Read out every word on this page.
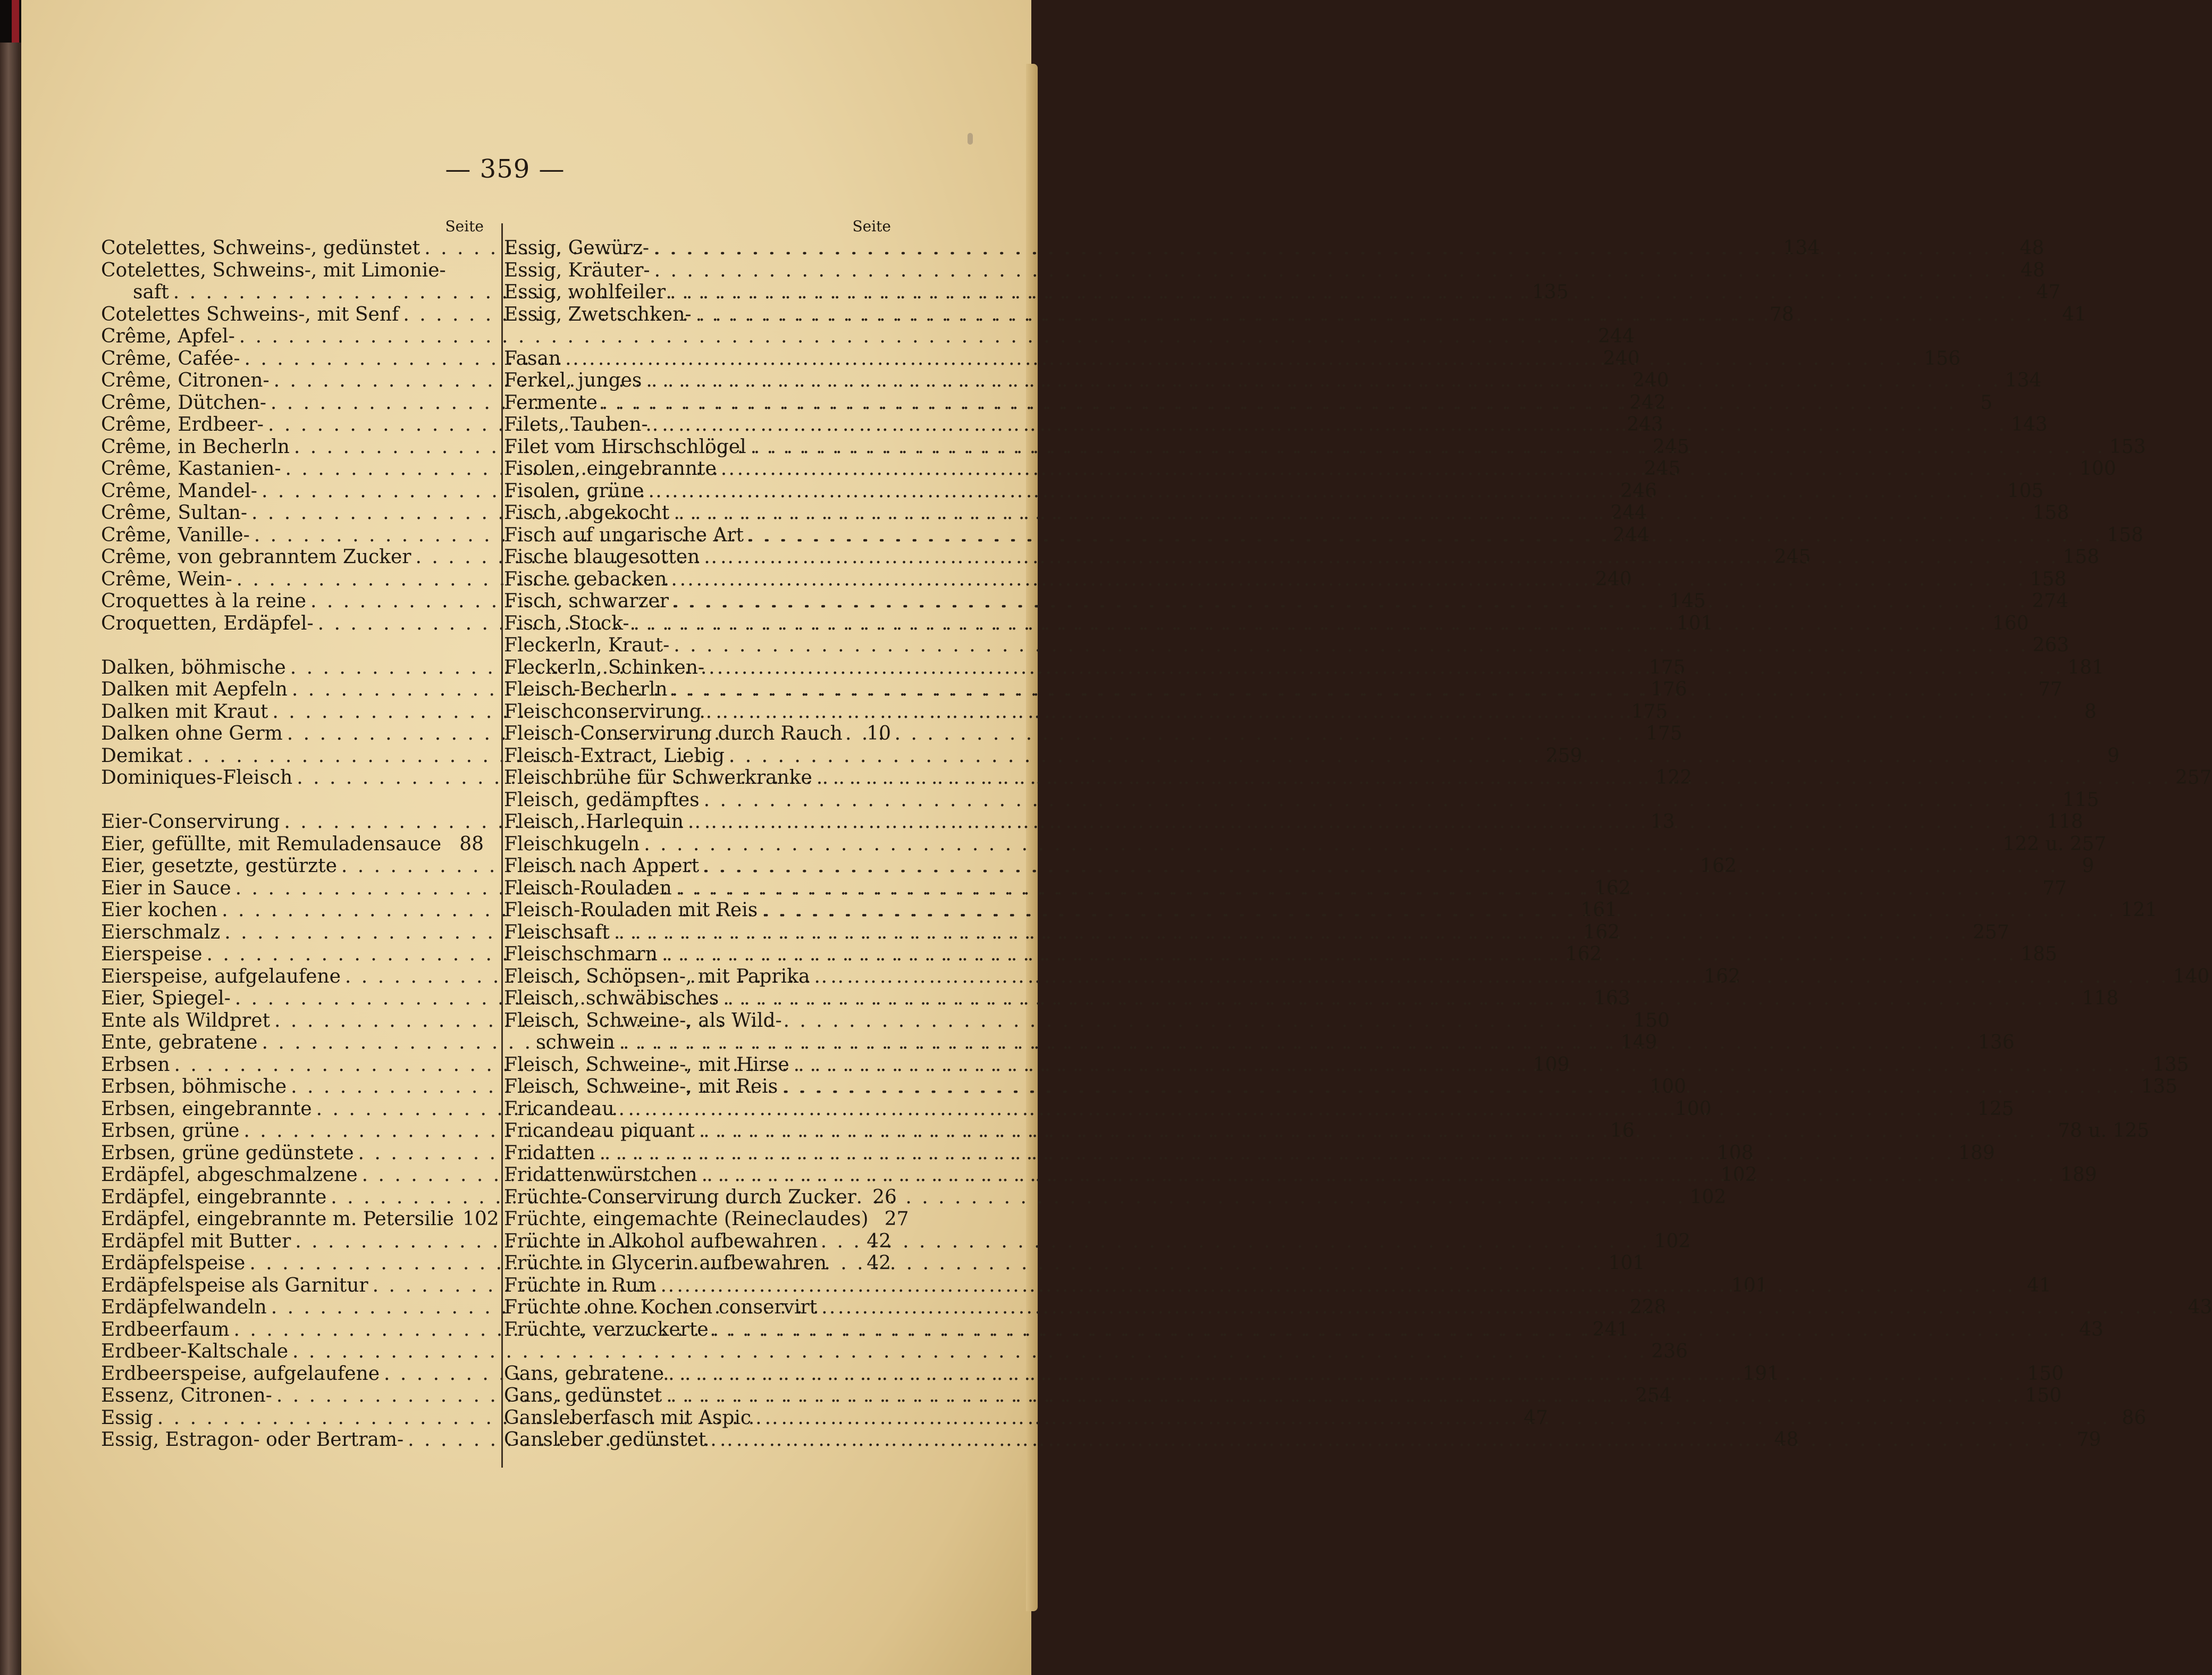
— 359 —
Seite
Cotelettes, Schweins-, gedünstet . . .	134
Cotelettes, Schweins-, mit Limonie-
saft . . .	135
Cotelettes Schweins-, mit Senf . . .	78
Crême, Apfel- . . .	244
Crême, Cafée- . . .	240
Crême, Citronen- . . .	240
Crême, Dütchen- . . .	242
Crême, Erdbeer- . . .	243
Crême, in Becherln . . .	245
Crême, Kastanien- . . .	245
Crême, Mandel- . . .	246
Crême, Sultan- . . .	244
Crême, Vanille- . . .	244
Crême, von gebranntem Zucker . . .	245
Crême, Wein- . . .	240
Croquettes à la reine . . .	145
Croquetten, Erdäpfel- . . .	101
Dalken, böhmische . . .	175
Dalken mit Aepfeln . . .	176
Dalken mit Kraut . . .	175
Dalken ohne Germ . . .	175
Demikat . . .	259
Dominiques-Fleisch . . .	122
Eier-Conservirung . . .	13
Eier, gefüllte, mit Remuladensauce 88
Eier, gesetzte, gestürzte . . .	162
Eier in Sauce . . .	162
Eier kochen . . .	161
Eierschmalz . . .	162
Eierspeise . . .	162
Eierspeise, aufgelaufene . . .	162
Eier, Spiegel- . . .	163
Ente als Wildpret . . .	150
Ente, gebratene . . .	149
Erbsen . . .	109
Erbsen, böhmische . . .	100
Erbsen, eingebrannte . . .	100
Erbsen, grüne . . .	16
Erbsen, grüne gedünstete . . .	108
Erdäpfel, abgeschmalzene . . .	102
Erdäpfel, eingebrannte . . .	102
Erdäpfel, eingebrannte m. Petersilie 102
Erdäpfel mit Butter . . .	102
Erdäpfelspeise . . .	101
Erdäpfelspeise als Garnitur . . .	101
Erdäpfelwandeln . . .	228
Erdbeerfaum . . .	241
Erdbeer-Kaltschale . . .	236
Erdbeerspeise, aufgelaufene . . .	191
Essenz, Citronen- . . .	254
Essig . . .	47
Essig, Estragon- oder Bertram- . . .	48
Seite
Essig, Gewürz- . . .	48
Essig, Kräuter- . . .	48
Essig, wohlfeiler . . .	47
Essig, Zwetschken- . . .	41
Fasan . . .	156
Ferkel, junges . . .	134
Fermente . . .	5
Filets, Tauben- . . .	143
Filet vom Hirschschlögel . . .	153
Fisolen, eingebrannte . . .	100
Fisolen, grüne . . .	105
Fisch, abgekocht . . .	158
Fisch auf ungarische Art . . .	158
Fische blaugesotten . . .	158
Fische gebacken . . .	158
Fisch, schwarzer . . .	274
Fisch, Stock- . . .	160
Fleckerln, Kraut- . . .	263
Fleckerln, Schinken- . . .	181
Fleisch-Becherln . . .	77
Fleischconservirung . . .	8
Fleisch-Conservirung durch Rauch	10
Fleisch-Extract, Liebig . . .	9
Fleischbrühe für Schwerkranke . . .	257
Fleisch, gedämpftes . . .	115
Fleisch, Harlequin . . .	118
Fleischkugeln . . .	122 u. 257
Fleisch nach Appert . . .	9
Fleisch-Rouladen . . .	77
Fleisch-Rouladen mit Reis . . .	121
Fleischsaft . . .	257
Fleischschmarn . . .	185
Fleisch, Schöpsen-, mit Paprika . . .	140
Fleisch, schwäbisches . . .	118
Fleisch, Schweine-, als Wild-
schwein . . .	136
Fleisch, Schweine-, mit Hirse . . .	135
Fleisch, Schweine-, mit Reis . . .	135
Fricandeau . . .	125
Fricandeau piquant . . .	78 u. 125
Fridatten . . .	189
Fridattenwürstchen . . .	189
Früchte-Conservirung durch Zucker 26
Früchte, eingemachte (Reineclaudes) 27
Früchte in Alkohol aufbewahren	42
Früchte in Glycerin aufbewahren	42
Früchte in Rum . . .	41
Früchte ohne Kochen conservirt . . .	43
Früchte, verzuckerte . . .	43
Gans, gebratene . . .	150
Gans, gedünstet . . .	150
Gansleberfasch mit Aspic . . .	86
Gansleber gedünstet . . .	79
